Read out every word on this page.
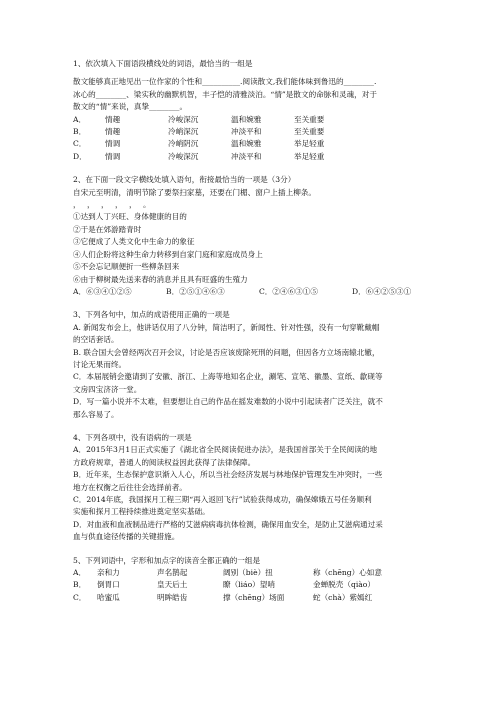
1、依次填入下面语段横线处的词语，最恰当的一组是
散文能够真正地见出一位作家的个性和__________.阅读散文,我们能体味到鲁迅的________.
冰心的________、梁实秋的幽默机智，丰子恺的清雅淡泊。“情”是散文的命脉和灵魂，对于
散文的“情”来说，真挚________。
A．	情趣	冷峻深沉	温和婉雅	至关重要
B．	情趣	冷峭深沉	冲淡平和	至关重要
C．	情调	冷峭阴沉	温和婉雅	举足轻重
D．	情调	冷峻深沉	冲淡平和	举足轻重
2、在下面一段文字横线处填入语句，衔接最恰当的一项是（3分）
自宋元至明清，清明节除了要祭扫家墓，还要在门楣、窗户上插上柳条。
， ， ， ， ， 。
①达到人丁兴旺、身体健康的目的
②于是在郊游踏青时
③它便成了人类文化中生命力的象征
④人们企盼将这种生命力转移到自家门庭和家庭成员身上
⑤不会忘记顺便折一些柳条回来
⑥由于柳树最先送来春的消息并且具有旺盛的生殖力
A．⑥③④①②⑤	B．②⑤①④⑥③	C．②④⑥③①⑤	D．⑥④②⑤③①
3、下列各句中，加点的成语使用正确的一项是
A. 新闻发布会上，他讲话仅用了八分钟，简洁明了，新闻性、针对性强，没有一句穿靴戴帽
的空话套话。
B. 联合国大会曾经两次召开会议，讨论是否应该废除死刑的问题，但因各方立场南辕北辙，
讨论无果而终。
C．本届展销会邀请到了安徽、浙江、上海等地知名企业，涮笔、宣笔、徽墨、宣纸、歙砚等
文房四宝济济一堂。
D．写一篇小说并不太难，但要想让自己的作品在摇发难数的小说中引起读者广泛关注，就不
那么容易了。
4、下列各项中，没有语病的一项是
A．2015年3月1日正式实施了《湖北省全民阅读促进办法》，是我国首部关于全民阅读的地
方政府规章，普通人的阅读权益因此获得了法律保障。
B．近年来，生态保护意识渐入人心，所以当社会经济发展与林地保护管理发生冲突时，一些
地方在权衡之后往往会选择前者。
C．2014年底，我国探月工程三期“再入返回飞行”试验获得成功，确保嫦娥五号任务顺利
实施和探月工程持续推进奠定坚实基础。
D．对血液和血液制品进行严格的艾滋病病毒抗体检测，确保用血安全，是防止艾滋病通过采
血与供血途径传播的关键措施。
5、下列词语中，字形和加点字的读音全都正确的一组是
A．	亲和力	声名鹊起	阔别（biè）扭	称（chēng）心如意
B．	倒胃口	皇天后土	瞭（liáo）望哨	金蝉脱壳（qiào）
C．	哈蜜瓜	明眸皓齿	撑（chēng）场面	蛇（chà）紫嫣红
